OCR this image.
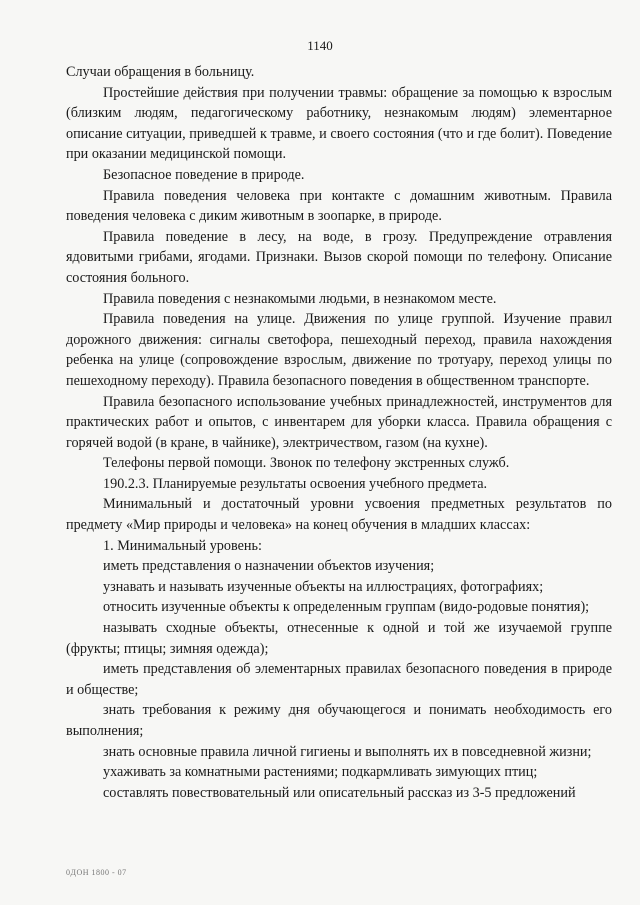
1140

Случаи обращения в больницу.

Простейшие действия при получении травмы: обращение за помощью к взрослым (близким людям, педагогическому работнику, незнакомым людям) элементарное описание ситуации, приведшей к травме, и своего состояния (что и где болит). Поведение при оказании медицинской помощи.

Безопасное поведение в природе.

Правила поведения человека при контакте с домашним животным. Правила поведения человека с диким животным в зоопарке, в природе.

Правила поведение в лесу, на воде, в грозу. Предупреждение отравления ядовитыми грибами, ягодами. Признаки. Вызов скорой помощи по телефону. Описание состояния больного.

Правила поведения с незнакомыми людьми, в незнакомом месте.

Правила поведения на улице. Движения по улице группой. Изучение правил дорожного движения: сигналы светофора, пешеходный переход, правила нахождения ребенка на улице (сопровождение взрослым, движение по тротуару, переход улицы по пешеходному переходу). Правила безопасного поведения в общественном транспорте.

Правила безопасного использование учебных принадлежностей, инструментов для практических работ и опытов, с инвентарем для уборки класса. Правила обращения с горячей водой (в кране, в чайнике), электричеством, газом (на кухне).

Телефоны первой помощи. Звонок по телефону экстренных служб.

190.2.3. Планируемые результаты освоения учебного предмета.

Минимальный и достаточный уровни усвоения предметных результатов по предмету «Мир природы и человека» на конец обучения в младших классах:

1. Минимальный уровень:

иметь представления о назначении объектов изучения;

узнавать и называть изученные объекты на иллюстрациях, фотографиях;

относить изученные объекты к определенным группам (видо-родовые понятия);

называть сходные объекты, отнесенные к одной и той же изучаемой группе (фрукты; птицы; зимняя одежда);

иметь представления об элементарных правилах безопасного поведения в природе и обществе;

знать требования к режиму дня обучающегося и понимать необходимость его выполнения;

знать основные правила личной гигиены и выполнять их в повседневной жизни;

ухаживать за комнатными растениями; подкармливать зимующих птиц;

составлять повествовательный или описательный рассказ из 3-5 предложений

0ДОН 1800 - 07
